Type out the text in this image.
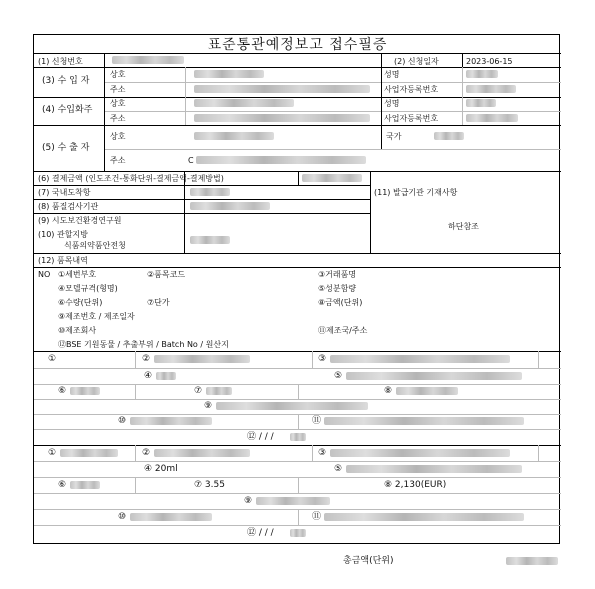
표준통관예정보고 접수필증
(1) 신청번호	(2) 신청일자	2023-06-15
(3) 수 입 자
상호
주소
성명
사업자등록번호
(4) 수입화주
상호
주소
성명
사업자등록번호
(5) 수 출 자
상호	국가
주소	C
(6) 결제금액 (인도조건-통화단위-결제금액-결제방법)
(7) 국내도착항
(8) 품질검사기관
(9) 시도보건환경연구원
(10) 관할지방
식품의약품안전청
(11) 발급기관 기재사항
하단참조
(12) 품목내역
NO ①세번부호	②품목코드	③거래품명
④모델규격(형명)	⑤성분함량
⑥수량(단위)	⑦단가	⑧금액(단위)
⑨제조번호 / 제조일자
⑩제조회사	⑪제조국/주소
⑫BSE 기원동물 / 추출부위 / Batch No / 원산지
①	②	③
④	⑤
⑥	⑦	⑧
⑨
⑩	⑪
⑫ / / /
①	②	③
④ 20ml	⑤
⑥	⑦ 3.55	⑧ 2,130(EUR)
⑨
⑩	⑪
⑫ / / /
총금액(단위)
